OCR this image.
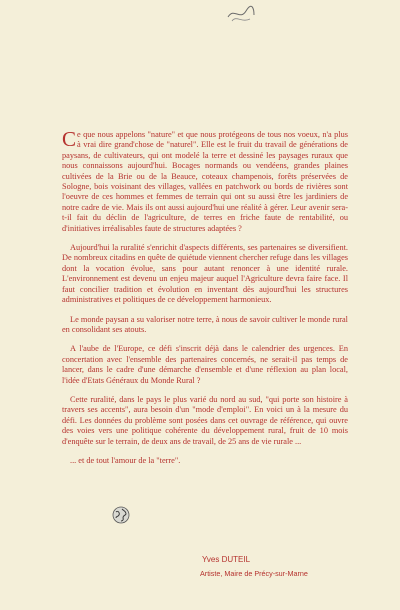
Ce que nous appelons "nature" et que nous protégeons de tous nos voeux, n'a plus à vrai dire grand'chose de "naturel". Elle est le fruit du travail de générations de paysans, de cultivateurs, qui ont modelé la terre et dessiné les paysages ruraux que nous connaissons aujourd'hui. Bocages normands ou vendéens, grandes plaines cultivées de la Brie ou de la Beauce, coteaux champenois, forêts préservées de Sologne, bois voisinant des villages, vallées en patchwork ou bords de rivières sont l'oeuvre de ces hommes et femmes de terrain qui ont su aussi être les jardiniers de notre cadre de vie. Mais ils ont aussi aujourd'hui une réalité à gérer. Leur avenir sera-t-il fait du déclin de l'agriculture, de terres en friche faute de rentabilité, ou d'initiatives irréalisables faute de structures adaptées ?

Aujourd'hui la ruralité s'enrichit d'aspects différents, ses partenaires se diversifient. De nombreux citadins en quête de quiétude viennent chercher refuge dans les villages dont la vocation évolue, sans pour autant renoncer à une identité rurale. L'environnement est devenu un enjeu majeur auquel l'Agriculture devra faire face. Il faut concilier tradition et évolution en inventant dès aujourd'hui les structures administratives et politiques de ce développement harmonieux.

Le monde paysan a su valoriser notre terre, à nous de savoir cultiver le monde rural en consolidant ses atouts.

A l'aube de l'Europe, ce défi s'inscrit déjà dans le calendrier des urgences. En concertation avec l'ensemble des partenaires concernés, ne serait-il pas temps de lancer, dans le cadre d'une démarche d'ensemble et d'une réflexion au plan local, l'idée d'Etats Généraux du Monde Rural ?

Cette ruralité, dans le pays le plus varié du nord au sud, "qui porte son histoire à travers ses accents", aura besoin d'un "mode d'emploi". En voici un à la mesure du défi. Les données du problème sont posées dans cet ouvrage de référence, qui ouvre des voies vers une politique cohérente du développement rural, fruit de 10 mois d'enquête sur le terrain, de deux ans de travail, de 25 ans de vie rurale ...

... et de tout l'amour de la "terre".

Yves DUTEIL
Artiste, Maire de Précy-sur-Marne
